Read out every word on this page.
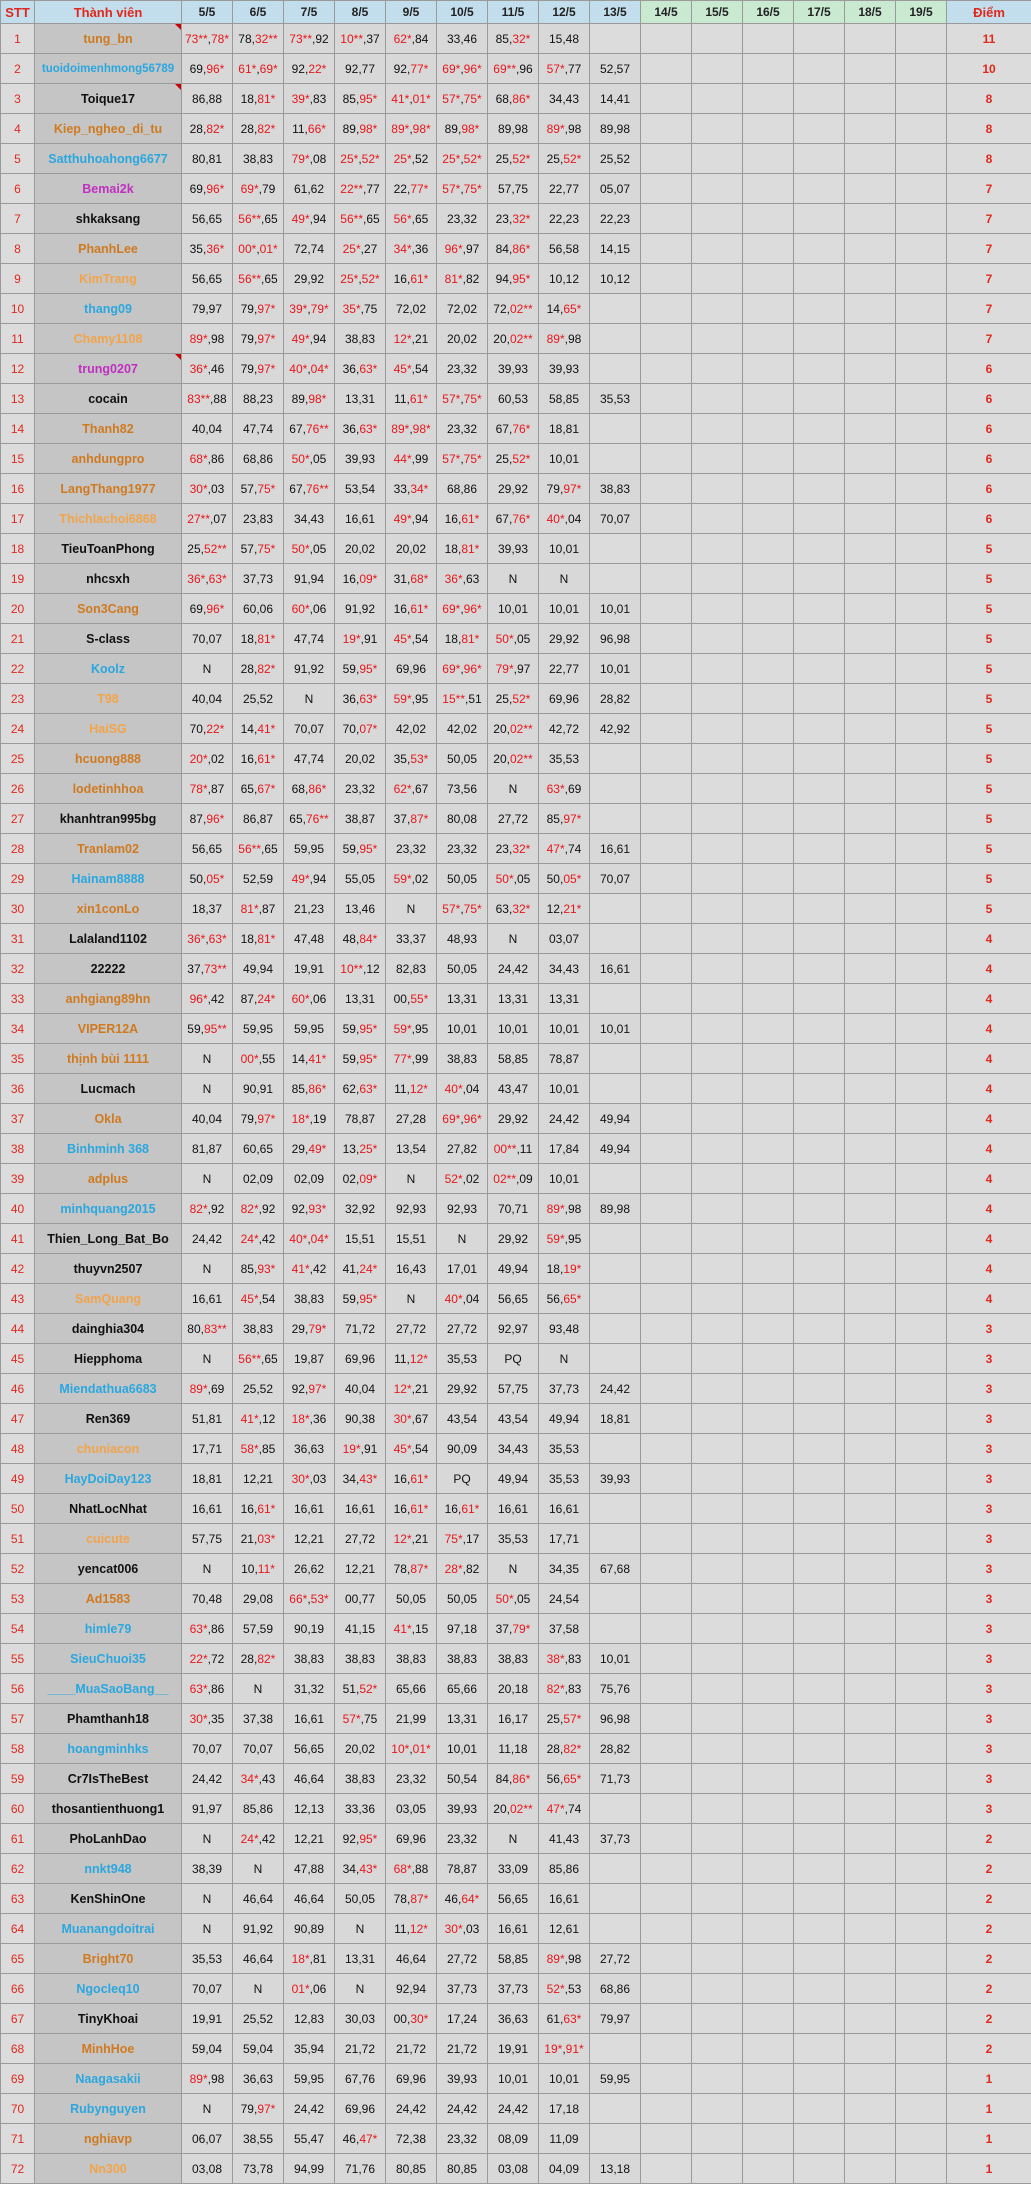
STT	Thành viên	5/5	6/5	7/5	8/5	9/5	10/5	11/5	12/5	13/5	14/5	15/5	16/5	17/5	18/5	19/5	Điểm
1	tung_bn	73**,78*	78,32**	73**,92	10**,37	62*,84	33,46	85,32*	15,48								11
2	tuoidoimenhmong56789	69,96*	61*,69*	92,22*	92,77	92,77*	69*,96*	69**,96	57*,77	52,57							10
3	Toique17	86,88	18,81*	39*,83	85,95*	41*,01*	57*,75*	68,86*	34,43	14,41							8
4	Kiep_ngheo_di_tu	28,82*	28,82*	11,66*	89,98*	89*,98*	89,98*	89,98	89*,98	89,98							8
5	Satthuhoahong6677	80,81	38,83	79*,08	25*,52*	25*,52	25*,52*	25,52*	25,52*	25,52							8
6	Bemai2k	69,96*	69*,79	61,62	22**,77	22,77*	57*,75*	57,75	22,77	05,07							7
7	shkaksang	56,65	56**,65	49*,94	56**,65	56*,65	23,32	23,32*	22,23	22,23							7
8	PhanhLee	35,36*	00*,01*	72,74	25*,27	34*,36	96*,97	84,86*	56,58	14,15							7
9	KimTrang	56,65	56**,65	29,92	25*,52*	16,61*	81*,82	94,95*	10,12	10,12							7
10	thang09	79,97	79,97*	39*,79*	35*,75	72,02	72,02	72,02**	14,65*								7
11	Chamy1108	89*,98	79,97*	49*,94	38,83	12*,21	20,02	20,02**	89*,98								7
12	trung0207	36*,46	79,97*	40*,04*	36,63*	45*,54	23,32	39,93	39,93								6
13	cocain	83**,88	88,23	89,98*	13,31	11,61*	57*,75*	60,53	58,85	35,53							6
14	Thanh82	40,04	47,74	67,76**	36,63*	89*,98*	23,32	67,76*	18,81								6
15	anhdungpro	68*,86	68,86	50*,05	39,93	44*,99	57*,75*	25,52*	10,01								6
16	LangThang1977	30*,03	57,75*	67,76**	53,54	33,34*	68,86	29,92	79,97*	38,83							6
17	Thichlachoi6868	27**,07	23,83	34,43	16,61	49*,94	16,61*	67,76*	40*,04	70,07							6
18	TieuToanPhong	25,52**	57,75*	50*,05	20,02	20,02	18,81*	39,93	10,01								5
19	nhcsxh	36*,63*	37,73	91,94	16,09*	31,68*	36*,63	N	N								5
20	Son3Cang	69,96*	60,06	60*,06	91,92	16,61*	69*,96*	10,01	10,01	10,01							5
21	S-class	70,07	18,81*	47,74	19*,91	45*,54	18,81*	50*,05	29,92	96,98							5
22	Koolz	N	28,82*	91,92	59,95*	69,96	69*,96*	79*,97	22,77	10,01							5
23	T98	40,04	25,52	N	36,63*	59*,95	15**,51	25,52*	69,96	28,82							5
24	HaiSG	70,22*	14,41*	70,07	70,07*	42,02	42,02	20,02**	42,72	42,92							5
25	hcuong888	20*,02	16,61*	47,74	20,02	35,53*	50,05	20,02**	35,53								5
26	lodetinhhoa	78*,87	65,67*	68,86*	23,32	62*,67	73,56	N	63*,69								5
27	khanhtran995bg	87,96*	86,87	65,76**	38,87	37,87*	80,08	27,72	85,97*								5
28	Tranlam02	56,65	56**,65	59,95	59,95*	23,32	23,32	23,32*	47*,74	16,61							5
29	Hainam8888	50,05*	52,59	49*,94	55,05	59*,02	50,05	50*,05	50,05*	70,07							5
30	xin1conLo	18,37	81*,87	21,23	13,46	N	57*,75*	63,32*	12,21*								5
31	Lalaland1102	36*,63*	18,81*	47,48	48,84*	33,37	48,93	N	03,07								4
32	22222	37,73**	49,94	19,91	10**,12	82,83	50,05	24,42	34,43	16,61							4
33	anhgiang89hn	96*,42	87,24*	60*,06	13,31	00,55*	13,31	13,31	13,31								4
34	VIPER12A	59,95**	59,95	59,95	59,95*	59*,95	10,01	10,01	10,01	10,01							4
35	thịnh bùi 1111	N	00*,55	14,41*	59,95*	77*,99	38,83	58,85	78,87								4
36	Lucmach	N	90,91	85,86*	62,63*	11,12*	40*,04	43,47	10,01								4
37	Okla	40,04	79,97*	18*,19	78,87	27,28	69*,96*	29,92	24,42	49,94							4
38	Binhminh 368	81,87	60,65	29,49*	13,25*	13,54	27,82	00**,11	17,84	49,94							4
39	adplus	N	02,09	02,09	02,09*	N	52*,02	02**,09	10,01								4
40	minhquang2015	82*,92	82*,92	92,93*	32,92	92,93	92,93	70,71	89*,98	89,98							4
41	Thien_Long_Bat_Bo	24,42	24*,42	40*,04*	15,51	15,51	N	29,92	59*,95								4
42	thuyvn2507	N	85,93*	41*,42	41,24*	16,43	17,01	49,94	18,19*								4
43	SamQuang	16,61	45*,54	38,83	59,95*	N	40*,04	56,65	56,65*								4
44	dainghia304	80,83**	38,83	29,79*	71,72	27,72	27,72	92,97	93,48								3
45	Hiepphoma	N	56**,65	19,87	69,96	11,12*	35,53	PQ	N								3
46	Miendathua6683	89*,69	25,52	92,97*	40,04	12*,21	29,92	57,75	37,73	24,42							3
47	Ren369	51,81	41*,12	18*,36	90,38	30*,67	43,54	43,54	49,94	18,81							3
48	chuniacon	17,71	58*,85	36,63	19*,91	45*,54	90,09	34,43	35,53								3
49	HayDoiDay123	18,81	12,21	30*,03	34,43*	16,61*	PQ	49,94	35,53	39,93							3
50	NhatLocNhat	16,61	16,61*	16,61	16,61	16,61*	16,61*	16,61	16,61								3
51	cuicute	57,75	21,03*	12,21	27,72	12*,21	75*,17	35,53	17,71								3
52	yencat006	N	10,11*	26,62	12,21	78,87*	28*,82	N	34,35	67,68							3
53	Ad1583	70,48	29,08	66*,53*	00,77	50,05	50,05	50*,05	24,54								3
54	himle79	63*,86	57,59	90,19	41,15	41*,15	97,18	37,79*	37,58								3
55	SieuChuoi35	22*,72	28,82*	38,83	38,83	38,83	38,83	38,83	38*,83	10,01							3
56	____MuaSaoBang__	63*,86	N	31,32	51,52*	65,66	65,66	20,18	82*,83	75,76							3
57	Phamthanh18	30*,35	37,38	16,61	57*,75	21,99	13,31	16,17	25,57*	96,98							3
58	hoangminhks	70,07	70,07	56,65	20,02	10*,01*	10,01	11,18	28,82*	28,82							3
59	Cr7IsTheBest	24,42	34*,43	46,64	38,83	23,32	50,54	84,86*	56,65*	71,73							3
60	thosantienthuong1	91,97	85,86	12,13	33,36	03,05	39,93	20,02**	47*,74								3
61	PhoLanhDao	N	24*,42	12,21	92,95*	69,96	23,32	N	41,43	37,73							2
62	nnkt948	38,39	N	47,88	34,43*	68*,88	78,87	33,09	85,86								2
63	KenShinOne	N	46,64	46,64	50,05	78,87*	46,64*	56,65	16,61								2
64	Muanangdoitrai	N	91,92	90,89	N	11,12*	30*,03	16,61	12,61								2
65	Bright70	35,53	46,64	18*,81	13,31	46,64	27,72	58,85	89*,98	27,72							2
66	Ngocleq10	70,07	N	01*,06	N	92,94	37,73	37,73	52*,53	68,86							2
67	TinyKhoai	19,91	25,52	12,83	30,03	00,30*	17,24	36,63	61,63*	79,97							2
68	MinhHoe	59,04	59,04	35,94	21,72	21,72	21,72	19,91	19*,91*								2
69	Naagasakii	89*,98	36,63	59,95	67,76	69,96	39,93	10,01	10,01	59,95							1
70	Rubynguyen	N	79,97*	24,42	69,96	24,42	24,42	24,42	17,18								1
71	nghiavp	06,07	38,55	55,47	46,47*	72,38	23,32	08,09	11,09								1
72	Nn300	03,08	73,78	94,99	71,76	80,85	80,85	03,08	04,09	13,18							1
